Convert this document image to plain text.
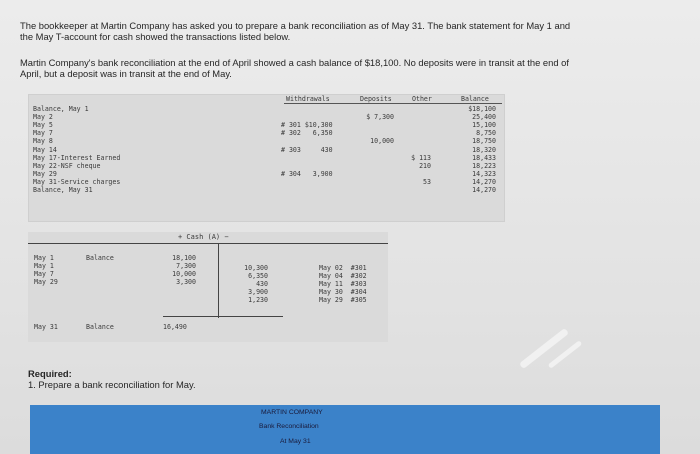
The bookkeeper at Martin Company has asked you to prepare a bank reconciliation as of May 31. The bank statement for May 1 and
the May T-account for cash showed the transactions listed below.
Martin Company's bank reconciliation at the end of April showed a cash balance of $18,100. No deposits were in transit at the end of
April, but a deposit was in transit at the end of May.
Withdrawals	Deposits	Other	Balance
Balance, May 1	$18,100
May 2	$ 7,300	25,400
May 5	# 301 $10,300	15,100
May 7	# 302   6,350	8,750
May 8	10,000	18,750
May 14	# 303     430	18,320
May 17-Interest Earned	$ 113	18,433
May 22-NSF cheque	210	18,223
May 29	# 304   3,900	14,323
May 31-Service charges	53	14,270
Balance, May 31	14,270
+ Cash (A) −
May 1	Balance	18,100
May 1	7,300
May 7	10,000
May 29	3,300
10,300	May 02  #301
6,350	May 04  #302
430	May 11  #303
3,900	May 30  #304
1,230	May 29  #305
May 31	Balance	16,490
Required:
1. Prepare a bank reconciliation for May.
MARTIN COMPANY
Bank Reconciliation
At May 31
